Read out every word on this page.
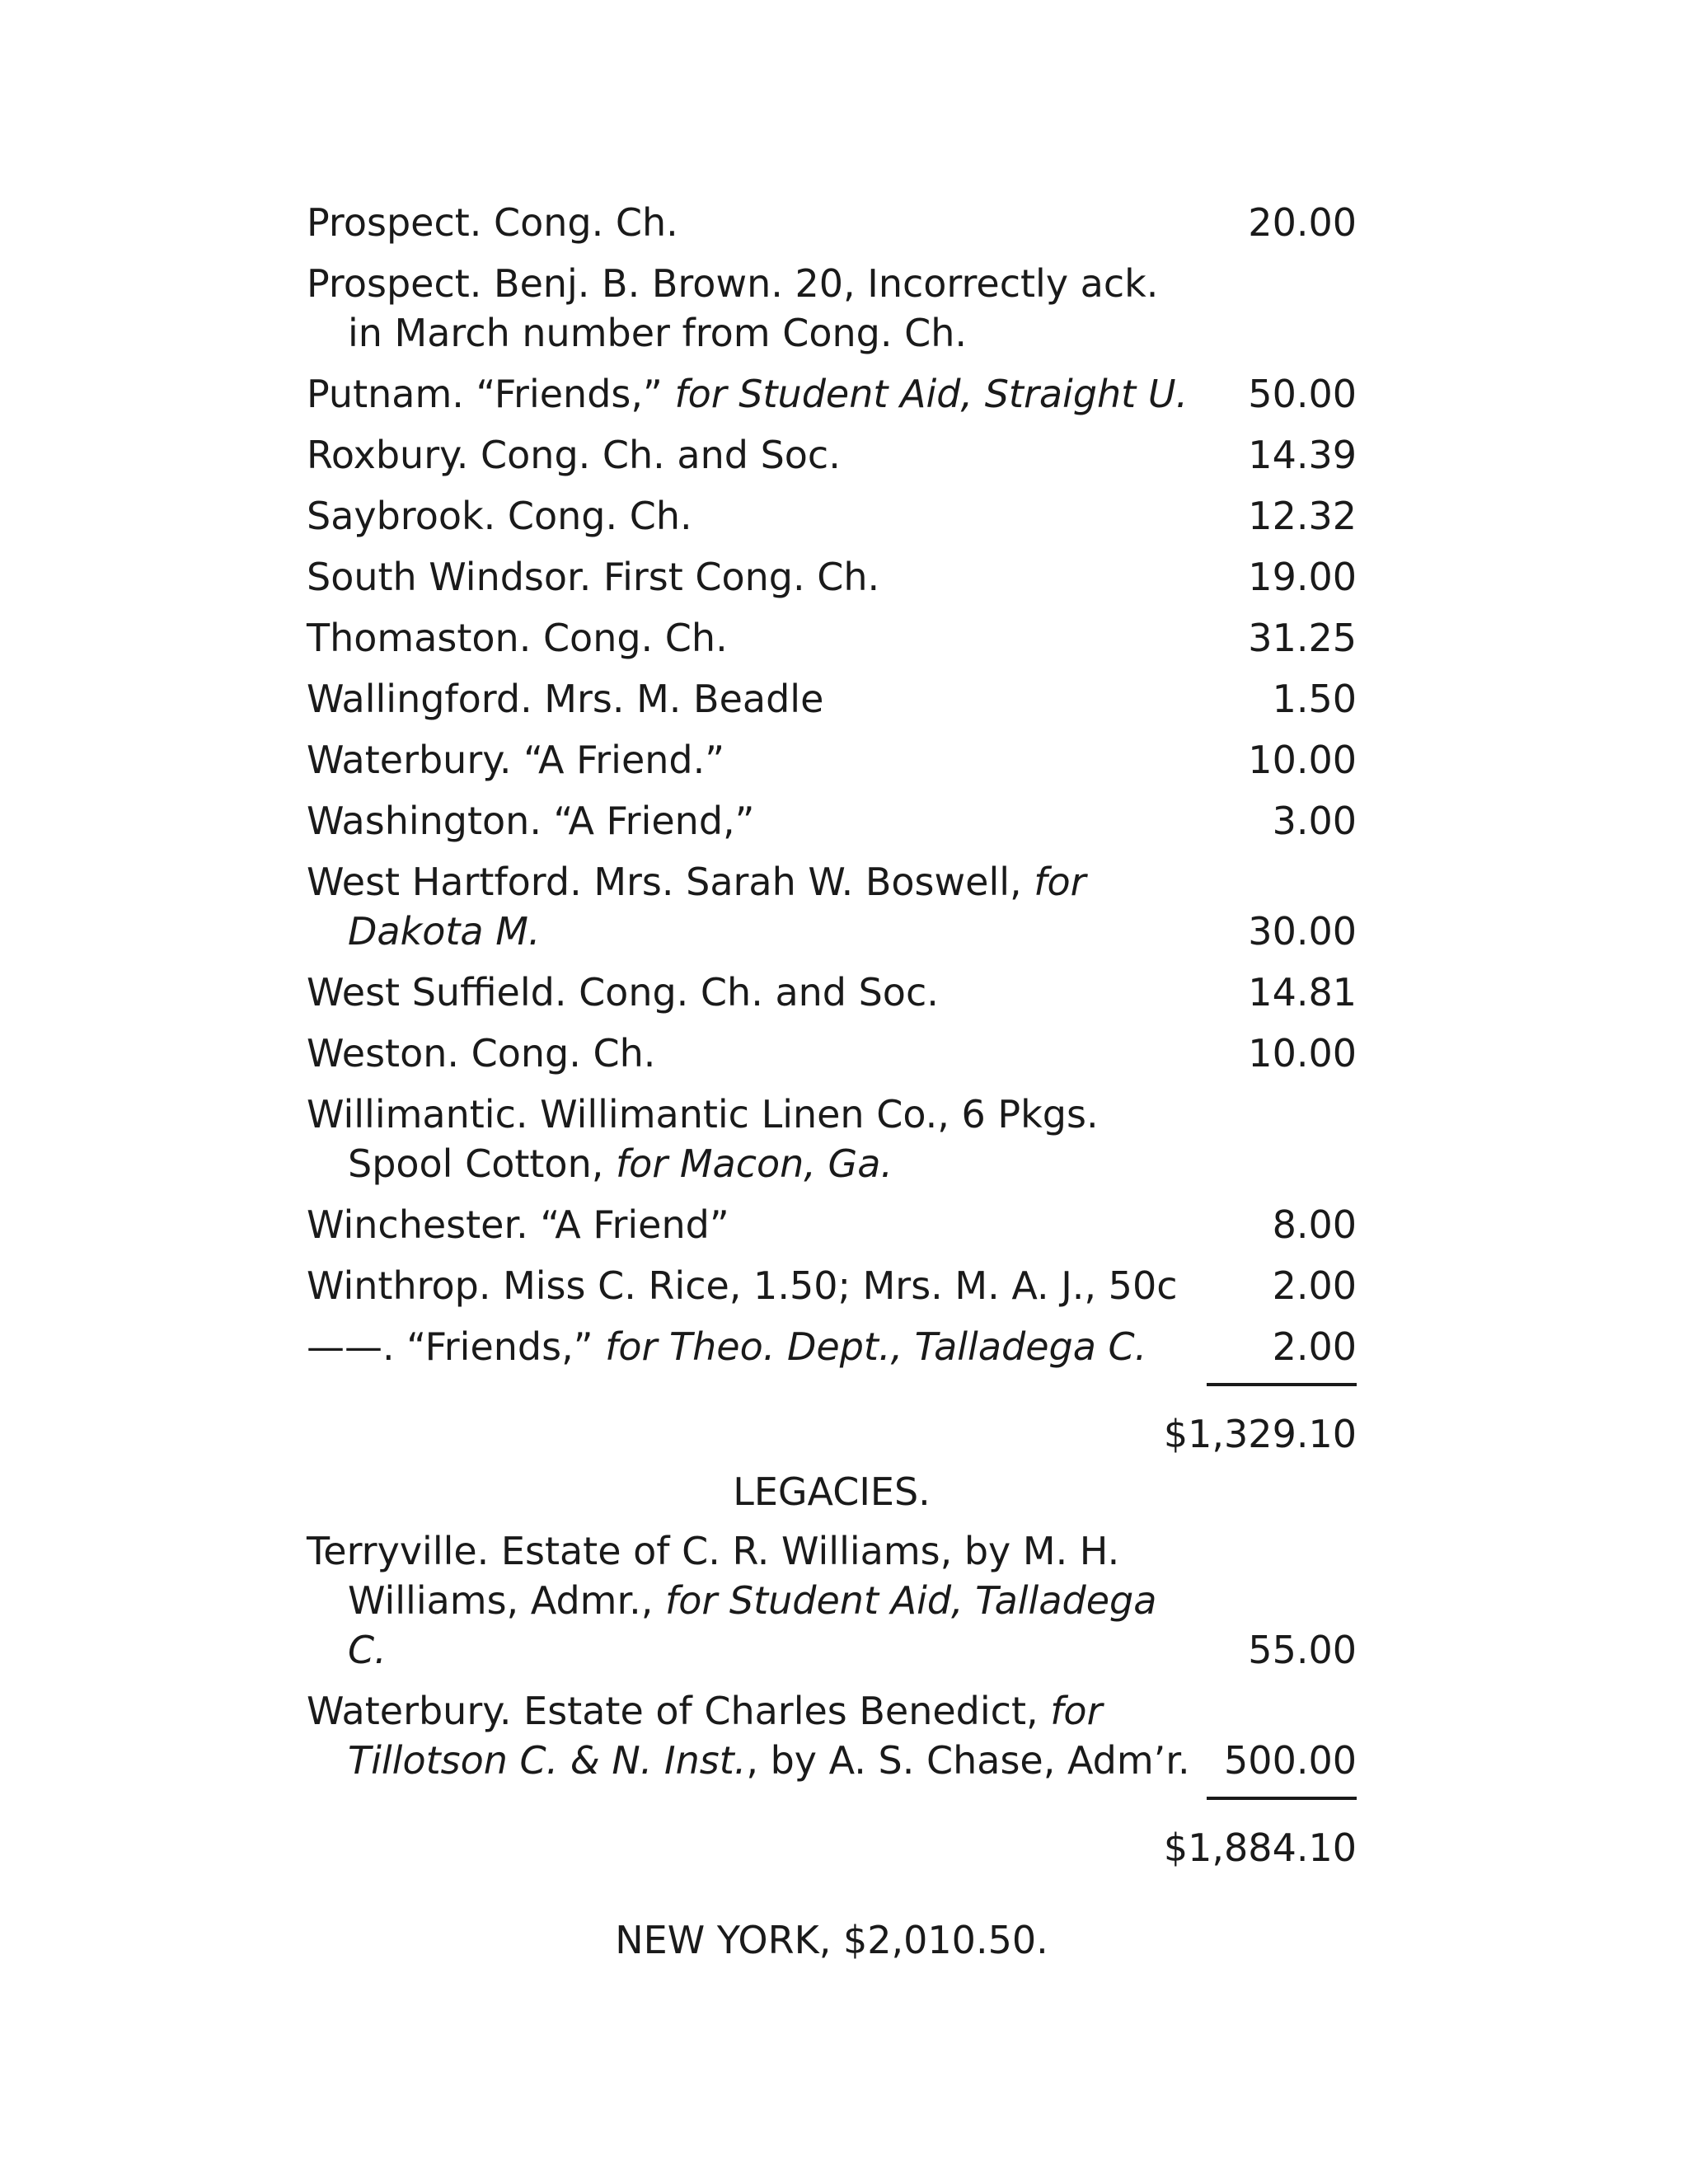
Prospect. Cong. Ch.	20.00
Prospect. Benj. B. Brown. 20, Incorrectly ack. in March number from Cong. Ch.
Putnam. “Friends,” for Student Aid, Straight U.	50.00
Roxbury. Cong. Ch. and Soc.	14.39
Saybrook. Cong. Ch.	12.32
South Windsor. First Cong. Ch.	19.00
Thomaston. Cong. Ch.	31.25
Wallingford. Mrs. M. Beadle	1.50
Waterbury. “A Friend.”	10.00
Washington. “A Friend,”	3.00
West Hartford. Mrs. Sarah W. Boswell, for Dakota M.	30.00
West Suffield. Cong. Ch. and Soc.	14.81
Weston. Cong. Ch.	10.00
Willimantic. Willimantic Linen Co., 6 Pkgs. Spool Cotton, for Macon, Ga.
Winchester. “A Friend”	8.00
Winthrop. Miss C. Rice, 1.50; Mrs. M. A. J., 50c	2.00
——. “Friends,” for Theo. Dept., Talladega C.	2.00
$1,329.10
LEGACIES.
Terryville. Estate of C. R. Williams, by M. H. Williams, Admr., for Student Aid, Talladega C.	55.00
Waterbury. Estate of Charles Benedict, for Tillotson C. & N. Inst., by A. S. Chase, Adm’r. 500.00
$1,884.10
NEW YORK, $2,010.50.
